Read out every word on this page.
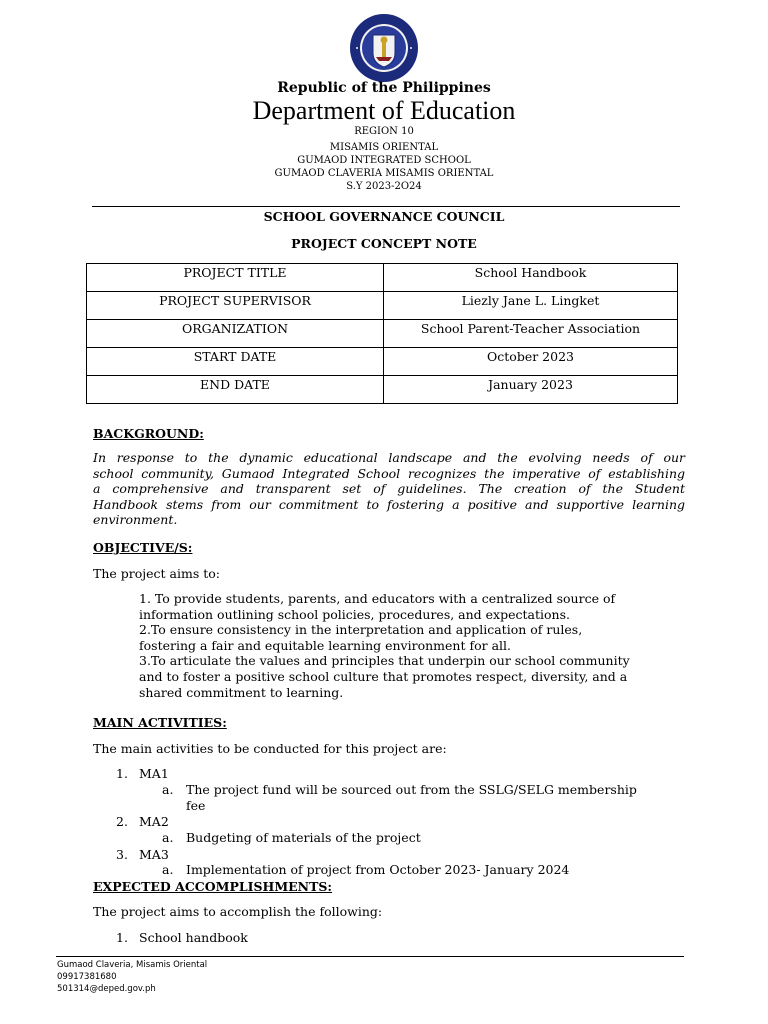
Republic of the Philippines
Department of Education
REGION 10
MISAMIS ORIENTAL
GUMAOD INTEGRATED SCHOOL
GUMAOD CLAVERIA MISAMIS ORIENTAL
S.Y 2023-2O24
SCHOOL GOVERNANCE COUNCIL
PROJECT CONCEPT NOTE
PROJECT TITLE	School Handbook
PROJECT SUPERVISOR	Liezly Jane L. Lingket
ORGANIZATION	School Parent-Teacher Association
START DATE	October 2023
END DATE	January 2023
BACKGROUND:
In response to the dynamic educational landscape and the evolving needs of our
school community, Gumaod Integrated School recognizes the imperative of establishing
a comprehensive and transparent set of guidelines. The creation of the Student
Handbook stems from our commitment to fostering a positive and supportive learning
environment.
OBJECTIVE/S:
The project aims to:
1. To provide students, parents, and educators with a centralized source of
information outlining school policies, procedures, and expectations.
2.To ensure consistency in the interpretation and application of rules,
fostering a fair and equitable learning environment for all.
3.To articulate the values and principles that underpin our school community
and to foster a positive school culture that promotes respect, diversity, and a
shared commitment to learning.
MAIN ACTIVITIES:
The main activities to be conducted for this project are:
1. MA1
a. The project fund will be sourced out from the SSLG/SELG membership
fee
2. MA2
a. Budgeting of materials of the project
3. MA3
a. Implementation of project from October 2023- January 2024
EXPECTED ACCOMPLISHMENTS:
The project aims to accomplish the following:
1. School handbook
Gumaod Claveria, Misamis Oriental
09917381680
501314@deped.gov.ph
